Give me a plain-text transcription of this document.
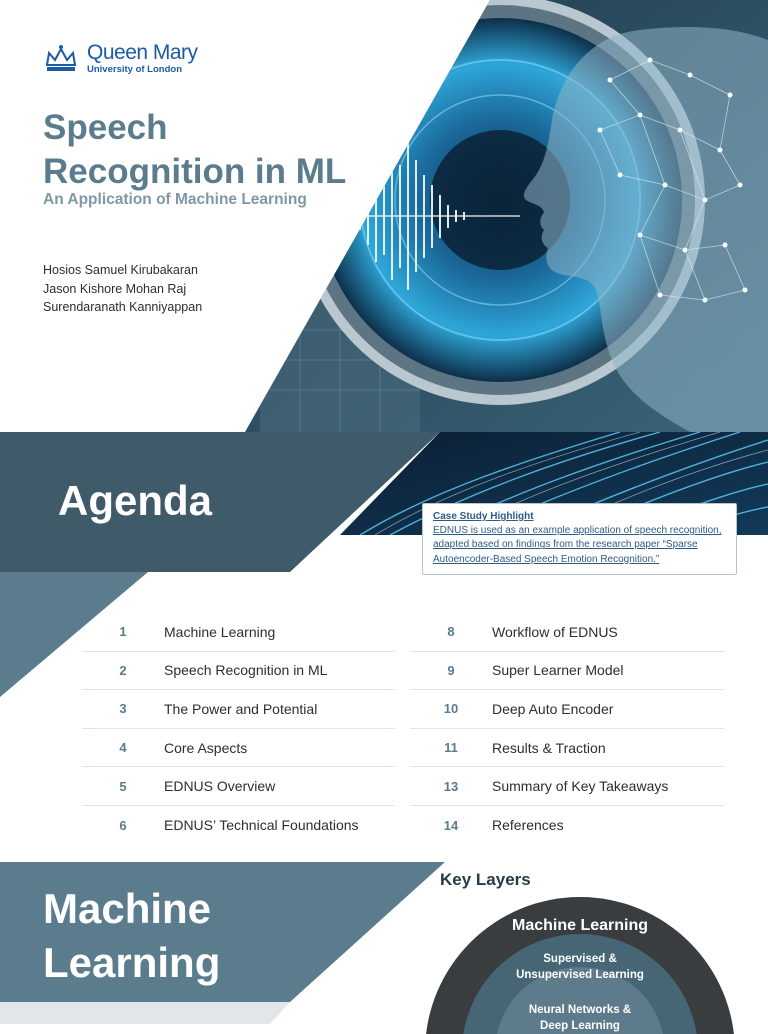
Queen Mary
University of London
Speech
Recognition in ML
An Application of Machine Learning
Hosios Samuel Kirubakaran
Jason Kishore Mohan Raj
Surendaranath Kanniyappan
Agenda	Case Study Highlight
EDNUS is used as an example application of speech recognition, adapted based on findings from the research paper “Sparse Autoencoder-Based Speech Emotion Recognition.”
1	Machine Learning
2	Speech Recognition in ML
3	The Power and Potential
4	Core Aspects
5	EDNUS Overview
6	EDNUS’ Technical Foundations
8	Workflow of EDNUS
9	Super Learner Model
10	Deep Auto Encoder
11	Results & Traction
13	Summary of Key Takeaways
14	References
Machine
Learning
Key Layers
Machine Learning
Supervised &
Unsupervised Learning
Neural Networks &
Deep Learning
